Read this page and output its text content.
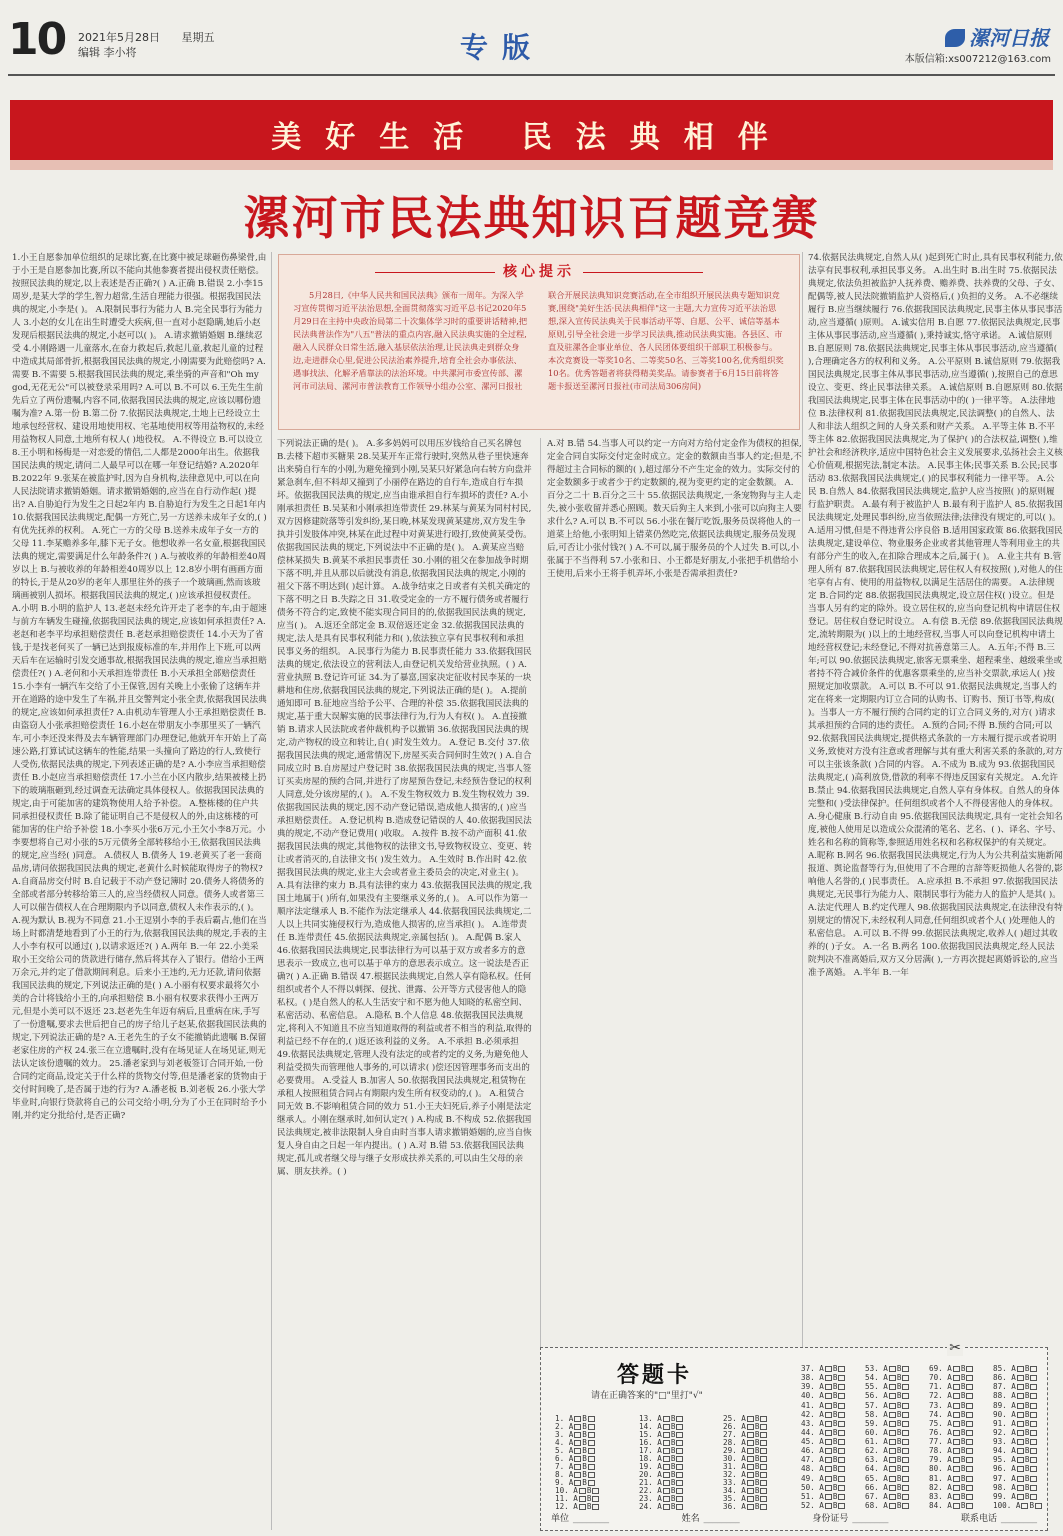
10 2021年5月28日 星期五
编辑 李小将	专版	漯河日报
本版信箱:xs007212@163.com
美好生活 民法典相伴
漯河市民法典知识百题竞赛

1.小王自愿参加单位组织的足球比赛,在比赛中被足球砸伤鼻梁骨,由于小王是自愿参加比赛,所以不能向其他参赛者提出侵权责任赔偿。按照民法典的规定,以上表述是否正确?( ) A.正确 B.错误 2.小李15周岁,是某大学的学生,智力超常,生活自理能力很强。根据我国民法典的规定,小李是( )。 A.限制民事行为能力人 B.完全民事行为能力人 3.小赵的女儿在出生时遭受大疾病,但一直对小赵隐瞒,她后小赵发现后根据民法典的规定,小赵可以( )。 A.请求撤销婚姻 B.继续忍受 4.小刚路遇一儿童落水,在奋力救起后,救起儿童,救起儿童的过程中造成其局部骨折,根据我国民法典的规定,小刚需要为此赔偿吗? A.需要 B.不需要 5.根据我国民法典的规定,乘坐骑的声音和"Oh my god,无花无公"可以被登录采用吗? A.可以 B.不可以 6.王先生生前先后立了两份遗嘱,内容不同,依据我国民法典的规定,应该以哪份遗嘱为准? A.第一份 B.第二份 7.依据民法典规定,土地上已经设立土地承包经营权、建设用地使用权、宅基地使用权等用益物权的,未经用益物权人同意,土地所有权人( )地役权。 A.不得设立 B.可以设立 8.王小明和杨梅是一对恋爱的情侣,二人都是2000年出生。依据我国民法典的规定,请问二人最早可以在哪一年登记结婚? A.2020年 B.2022年 9.张某在被监护时,因为自身机构,法律意见中,可以在向人民法院请求撤销婚姻。请求撤销婚姻的,应当在自行动作起( )提出? A.自胁迫行为发生之日起2年内 B.自胁迫行为发生之日起1年内 10.依据我国民法典规定,配偶一方死亡,另一方送养未成年子女的,( )有优先抚养的权利。 A.死亡一方的父母 B.送养未成年子女一方的父母 11.李某赡养多年,膝下无子女。他想收养一名女童,根据我国民法典的规定,需要满足什么年龄条件?( ) A.与被收养的年龄相差40周岁以上 B.与被收养的年龄相差40周岁以上 12.8岁小明有画画方面的特长,于是从20岁的老年人那里往外的孩子一个玻璃画,然而该玻璃画被别人损坏。根据我国民法典的规定,( )应该承担侵权责任。 A.小明 B.小明的监护人 13.老赵未经允许开走了老李的车,由于超速与前方车辆发生碰撞,依据我国民法典的规定,应该如何承担责任? A.老赵和老李平均承担赔偿责任 B.老赵承担赔偿责任 14.小天为了省钱,于是找老何买了一辆已达到报废标准的车,并用作上下班,可以两天后车在运输时引发交通事故,根据我国民法典的规定,谁应当承担赔偿责任?( ) A.老何和小天承担连带责任 B.小天承担全部赔偿责任 15.小李有一辆汽车交给了小王保管,因有关晚上小张偷了这辆车并开在道路的途中发生了车祸,并且交警判定小张全责,依据我国民法典的规定,应该如何承担责任? A.由机动车管理人小王承担赔偿责任 B.由盗窃人小张承担赔偿责任 16.小赵在带朋友小李那里买了一辆汽车,可小李还没来得及去车辆管理部门办理登记,他就开车开始上了高速公路,打算试试这辆车的性能,结果一头撞向了路边的行人,致使行人受伤,依据民法典的规定,下列表述正确的是? A.小李应当承担赔偿责任 B.小赵应当承担赔偿责任 17.小兰在小区内散步,结果被楼上扔下的玻璃瓶砸到,经过调查无法确定具体侵权人。依据我国民法典的规定,由于可能加害的建筑物使用人给予补偿。 A.整栋楼的住户共同承担侵权责任 B.除了能证明自己不是侵权人的外,由这栋楼的可能加害的住户给予补偿 18.小李买小张6万元,小王欠小李8万元。小李要想将自己对小张的5万元债务全部转移给小王,依据我国民法典的规定,应当经( )同意。 A.债权人 B.债务人 19.老黄买了老一套商品房,请问依据我国民法典的规定,老黄什么时候能取得房子的物权? A.自商品房交付时 B.自记载于不动产登记簿时 20.债务人将债务的全部或者部分转移给第三人的,应当经债权人同意。债务人或者第三人可以催告债权人在合理期限内予以同意,债权人未作表示的,( )。 A.视为默认 B.视为不同意 21.小王逗别小李的手表后霸占,他们在当场上时都清楚地看到了小王的行为,依据我国民法典的规定,手表的主人小李有权可以通过( ),以请求返还?( ) A.两年 B.一年 22.小美采取小王交给公司的货款进行储存,然后将其存入了银行。借给小王两万余元,并约定了借款期间利息。后来小王违约,无力还款,请问依据我国民法典的规定,下列说法正确的是( ) A.小丽有权要求最将欠小美的合计将钱给小王的,向承担赔偿 B.小丽有权要求获得小王两万元,但是小美可以不返还 23.赵老先生年迈有病后,且重病在床,手写了一份遗嘱,要求去世后把自己的房子给儿子赵某,依据我国民法典的规定,下列说法正确的是? A.王老先生的子女不能撤销此遗嘱 B.保留老家住房的产权 24.张三在立遗嘱时,没有在场见证人在场见证,则无法认定该份遗嘱的效力。 25.潘老家到与刘老板签订合同开始,一份合同约定商品,设定关于什么样的货物交付等,但是潘老家的货物由于交付时间晚了,是否属于违约行为? A.潘老板 B.刘老板 26.小张大学毕业时,向银行贷款将自己的公司交给小明,分为了小王在同时给予小刚,并约定分批给付,是否正确?

核心提示
5月28日,《中华人民共和国民法典》颁布一周年。为深入学习宣传贯彻习近平法治思想,全面贯彻落实习近平总书记2020年5月29日在主持中央政治局第二十次集体学习时的重要讲话精神,把民法典普法作为"八五"普法的重点内容,融入民法典实施的全过程,融入人民群众日常生活,融入基层依法治理,让民法典走到群众身边,走进群众心里,促进公民法治素养提升,培育全社会办事依法、遇事找法、化解矛盾靠法的法治环境。中共漯河市委宣传部、漯河市司法局、漯河市普法教育工作领导小组办公室、漯河日报社联合开展民法典知识竞赛活动,在全市组织开展民法典专题知识竞赛,围绕"美好生活·民法典相伴"这一主题,大力宣传习近平法治思想,深入宣传民法典关于民事活动平等、自愿、公平、诚信等基本原则,引导全社会进一步学习民法典,推动民法典实施。各县区、市直及驻漯各企事业单位、各人民团体要组织干部职工积极参与。本次竞赛设一等奖10名、二等奖50名、三等奖100名,优秀组织奖10名。优秀答题者将获得精美奖品。请参赛者于6月15日前将答题卡报送至漯河日报社(市司法局306房间)

下列说法正确的是( )。 A.多多妈妈可以用压岁钱给自己买名牌包 B.去楼下超市买糖果 28.吴某开车正常行驶时,突然从巷子里快速奔出来骑自行车的小刚,为避免撞到小刚,吴某只好紧急向右转方向盘并紧急刹车,但不料却又撞到了小丽停在路边的自行车,造成自行车损坏。依据我国民法典的规定,应当由谁承担自行车损坏的责任? A.小刚承担责任 B.吴某和小刚承担连带责任 29.林某与黄某为同村村民,双方因修建院落等引发纠纷,某日晚,林某发现黄某建房,双方发生争执并引发肢体冲突,林某在此过程中对黄某进行殴打,致使黄某受伤。依据我国民法典的规定,下列说法中不正确的是( )。 A.黄某应当赔偿林某损失 B.黄某不承担民事责任 30.小刚的祖父在参加战争时期下落不明,并且从那以后就没有消息,依据我国民法典的规定,小刚的祖父下落不明达到( )起计算。 A.战争结束之日或者有关机关确定的下落不明之日 B.失踪之日 31.收受定金的一方不履行债务或者履行债务不符合约定,致使不能实现合同目的的,依据我国民法典的规定,应当( )。 A.返还全部定金 B.双倍返还定金 32.依据我国民法典的规定,法人是具有民事权利能力和( ),依法独立享有民事权利和承担民事义务的组织。 A.民事行为能力 B.民事责任能力 33.依据我国民法典的规定,依法设立的营利法人,由登记机关发给营业执照。( ) A.营业执照 B.登记许可证 34.为了暴富,国家决定征收村民李某的一块耕地和住房,依据我国民法典的规定,下列说法正确的是( )。 A.提前通知即可 B.征地应当给予公平、合理的补偿 35.依据我国民法典的规定,基于重大误解实施的民事法律行为,行为人有权( )。 A.直接撤销 B.请求人民法院或者仲裁机构予以撤销 36.依据我国民法典的规定,动产物权的设立和转让,自( )时发生效力。 A.登记 B.交付 37.依据我国民法典的规定,通常情况下,房屋买卖合同何时生效?( ) A.自合同成立时 B.自房屋过户登记时 38.依据我国民法典的规定,当事人签订买卖房屋的预约合同,并进行了房屋预告登记,未经预告登记的权利人同意,处分该房屋的,( )。 A.不发生物权效力 B.发生物权效力 39.依据我国民法典的规定,因不动产登记错误,造成他人损害的,( )应当承担赔偿责任。 A.登记机构 B.造成登记错误的人 40.依据我国民法典的规定,不动产登记费用( )收取。 A.按件 B.按不动产面积 41.依据我国民法典的规定,其他物权的法律文书,导致物权设立、变更、转让或者消灭的,自法律文书( )发生效力。 A.生效时 B.作出时 42.依据我国民法典的规定,业主大会或者业主委员会的决定,对业主( )。 A.具有法律约束力 B.具有法律约束力 43.依据我国民法典的规定,我国土地属于( )所有,如果没有主要继承义务的,( )。 A.可以作为第一顺序法定继承人 B.不能作为法定继承人 44.依据我国民法典规定,二人以上共同实施侵权行为,造成他人损害的,应当承担( )。 A.连带责任 B.连带责任 45.依据民法典规定,亲属包括( )。 A.配偶 B.家人 46.依据我国民法典规定,民事法律行为可以基于双方或者多方的意思表示一致成立,也可以基于单方的意思表示成立。这一说法是否正确?( ) A.正确 B.错误 47.根据民法典规定,自然人享有隐私权。任何组织或者个人不得以刺探、侵扰、泄露、公开等方式侵害他人的隐私权。( )是自然人的私人生活安宁和不愿为他人知晓的私密空间、私密活动、私密信息。 A.隐私 B.个人信息 48.依据我国民法典规定,将利入不知道且不应当知道取得的利益或者不相当的利益,取得的利益已经不存在的,( )返还该利益的义务。 A.不承担 B.必须承担 49.依据民法典规定,管理人没有法定的或者约定的义务,为避免他人利益受损失而管理他人事务的,可以请求( )偿还因管理事务而支出的必要费用。 A.受益人 B.加害人 50.依据我国民法典规定,租赁物在承租人按照租赁合同占有期限内发生所有权变动的,( )。 A.租赁合同无效 B.不影响租赁合同的效力 51.小王夫妇死后,养子小刚是法定继承人。小刚在继承时,如何认定?( ) A.构成 B.不构成 52.依据我国民法典规定,被非法限制人身自由时当事人请求撤销婚姻的,应当自恢复人身自由之日起一年内提出。( ) A.对 B.错 53.依据我国民法典规定,孤儿或者继父母与继子女形成扶养关系的,可以由生父母的亲属、朋友扶养。( )

A.对 B.错 54.当事人可以约定一方向对方给付定金作为债权的担保,定金合同自实际交付定金时成立。定金的数额由当事人约定;但是,不得超过主合同标的额的( ),超过部分不产生定金的效力。实际交付的定金数额多于或者少于约定数额的,视为变更约定的定金数额。 A.百分之二十 B.百分之三十 55.依据民法典规定,一条宠物狗与主人走失,被小张收留并悉心照顾。数天后狗主人来到,小张可以向狗主人要求什么? A.可以 B.不可以 56.小张在餐厅吃饭,服务员误将他人的一道菜上给他,小张明知上错菜仍然吃完,依据民法典规定,服务员发现后,可否让小张付钱?( ) A.不可以,属于服务员的个人过失 B.可以,小张属于不当得利 57.小张和日、小王都是好朋友,小张把手机借给小王使用,后来小王将手机弄坏,小张是否需承担责任?

74.依据民法典规定,自然人从( )起到死亡时止,具有民事权利能力,依法享有民事权利,承担民事义务。 A.出生时 B.出生时 75.依据民法典规定,依法负担被监护人抚养费、赡养费、扶养费的父母、子女、配偶等,被人民法院撤销监护人资格后,( )负担的义务。 A.不必继续履行 B.应当继续履行 76.依据我国民法典规定,民事主体从事民事活动,应当遵循( )原则。 A.诚实信用 B.自愿 77.依据民法典规定,民事主体从事民事活动,应当遵循( ),秉持诚实,恪守承诺。 A.诚信原则 B.自愿原则 78.依据民法典规定,民事主体从事民事活动,应当遵循( ),合理确定各方的权利和义务。 A.公平原则 B.诚信原则 79.依据我国民法典规定,民事主体从事民事活动,应当遵循( ),按照自己的意思设立、变更、终止民事法律关系。 A.诚信原则 B.自愿原则 80.依据我国民法典规定,民事主体在民事活动中的( )一律平等。 A.法律地位 B.法律权利 81.依据我国民法典规定,民法调整( )的自然人、法人和非法人组织之间的人身关系和财产关系。 A.平等主体 B.不平等主体 82.依据我国民法典规定,为了保护( )的合法权益,调整( ),维护社会和经济秩序,适应中国特色社会主义发展要求,弘扬社会主义核心价值观,根据宪法,制定本法。 A.民事主体;民事关系 B.公民;民事活动 83.依据我国民法典规定,( )的民事权利能力一律平等。 A.公民 B.自然人 84.依据我国民法典规定,监护人应当按照( )的原则履行监护职责。 A.最有利于被监护人 B.最有利于监护人 85.依据我国民法典规定,处理民事纠纷,应当依照法律;法律没有规定的,可以( )。 A.适用习惯,但是不得违背公序良俗 B.适用国家政策 86.依据我国民法典规定,建设单位、物业服务企业或者其他管理人等利用业主的共有部分产生的收入,在扣除合理成本之后,属于( )。 A.业主共有 B.管理人所有 87.依据我国民法典规定,居住权人有权按照( ),对他人的住宅享有占有、使用的用益物权,以满足生活居住的需要。 A.法律规定 B.合同约定 88.依据我国民法典规定,设立居住权( )设立。但是当事人另有约定的除外。设立居住权的,应当向登记机构申请居住权登记。居住权自登记时设立。 A.有偿 B.无偿 89.依据我国民法典规定,流转期限为( )以上的土地经营权,当事人可以向登记机构申请土地经营权登记;未经登记,不得对抗善意第三人。 A.五年;不得 B.三年;可以 90.依据民法典规定,旅客无票乘坐、超程乘坐、越级乘坐或者持不符合减价条件的优惠客票乘坐的,应当补交票款,承运人( )按照规定加收票款。 A.可以 B.不可以 91.依据民法典规定,当事人约定在将来一定期限内订立合同的认购书、订购书、预订书等,构成( )。当事人一方不履行预约合同约定的订立合同义务的,对方( )请求其承担预约合同的违约责任。 A.预约合同;不得 B.预约合同;可以 92.依据我国民法典规定,提供格式条款的一方未履行提示或者说明义务,致使对方没有注意或者理解与其有重大利害关系的条款的,对方可以主张该条款( )合同的内容。 A.不成为 B.成为 93.依据我国民法典规定,( )高利放贷,借款的利率不得违反国家有关规定。 A.允许 B.禁止 94.依据我国民法典规定,自然人享有身体权。自然人的身体完整和( )受法律保护。任何组织或者个人不得侵害他人的身体权。 A.身心健康 B.行动自由 95.依据我国民法典规定,具有一定社会知名度,被他人使用足以造成公众混淆的笔名、艺名、( )、译名、字号、姓名和名称的简称等,参照适用姓名权和名称权保护的有关规定。 A.昵称 B.网名 96.依据我国民法典规定,行为人为公共利益实施新闻报道、舆论监督等行为,但使用了不合理的言辞等贬损他人名誉的,影响他人名誉的,( )民事责任。 A.应承担 B.不承担 97.依据我国民法典规定,无民事行为能力人、限制民事行为能力人的监护人是其( )。 A.法定代理人 B.约定代理人 98.依据我国民法典规定,在法律没有特别规定的情况下,未经权利人同意,任何组织或者个人( )处理他人的私密信息。 A.可以 B.不得 99.依据民法典规定,收养人( )超过其收养的( )子女。 A.一名 B.两名 100.依据我国民法典规定,经人民法院判决不准离婚后,双方又分居满( ),一方再次提起离婚诉讼的,应当准予离婚。 A.半年 B.一年

✂
答题卡
请在正确答案的"□"里打"√"
1. A B
2. A B
3. A B
4. A B
5. A B
6. A B
7. A B
8. A B
9. A B
10. A B
11. A B
12. A B
13. A B
14. A B
15. A B
16. A B
17. A B
18. A B
19. A B
20. A B
21. A B
22. A B
23. A B
24. A B
25. A B
26. A B
27. A B
28. A B
29. A B
30. A B
31. A B
32. A B
33. A B
34. A B
35. A B
36. A B
37. A B
38. A B
39. A B
40. A B
41. A B
42. A B
43. A B
44. A B
45. A B
46. A B
47. A B
48. A B
49. A B
50. A B
51. A B
52. A B
53. A B
54. A B
55. A B
56. A B
57. A B
58. A B
59. A B
60. A B
61. A B
62. A B
63. A B
64. A B
65. A B
66. A B
67. A B
68. A B
69. A B
70. A B
71. A B
72. A B
73. A B
74. A B
75. A B
76. A B
77. A B
78. A B
79. A B
80. A B
81. A B
82. A B
83. A B
84. A B
85. A B
86. A B
87. A B
88. A B
89. A B
90. A B
91. A B
92. A B
93. A B
94. A B
95. A B
96. A B
97. A B
98. A B
99. A B
100. A B
单位 ________	姓名 ________	身份证号 ________	联系电话 ________
